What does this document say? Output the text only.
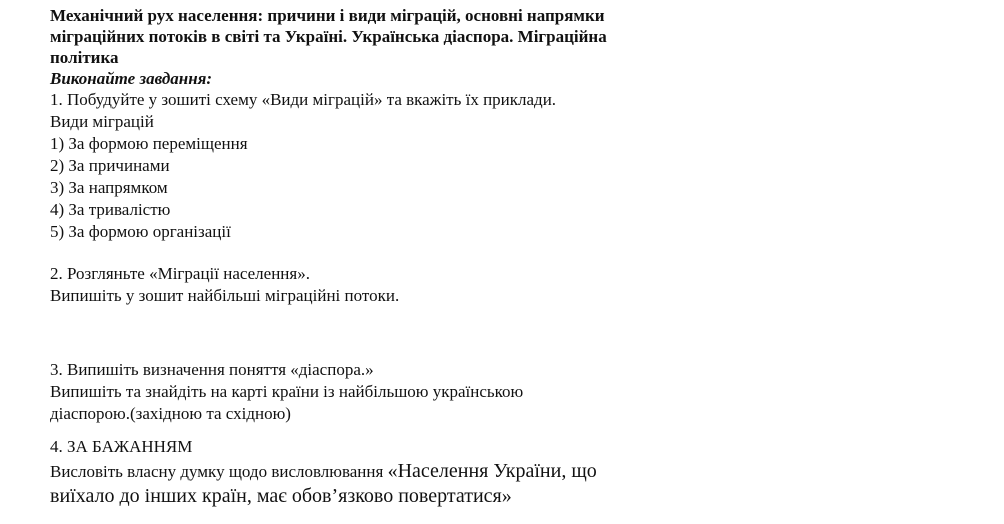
Механічний рух населення: причини і види міграцій, основні напрямки
міграційних потоків в світі та Україні. Українська діаспора. Міграційна
політика

Виконайте завдання:

1. Побудуйте у зошиті схему «Види міграцій» та вкажіть їх приклади.

Види міграцій

1) За формою переміщення

2) За причинами

3) За напрямком

4) За тривалістю

5) За формою організації

2. Розгляньте «Міграції населення».

Випишіть у зошит найбільші міграційні потоки.

3. Випишіть визначення поняття «діаспора.»

Випишіть та знайдіть на карті країни із найбільшою українською

діаспорою.(західною та східною)

4. ЗА БАЖАННЯМ

Висловіть власну думку щодо висловлювання «Населення України, що

виїхало до інших країн, має обов’язково повертатися»
